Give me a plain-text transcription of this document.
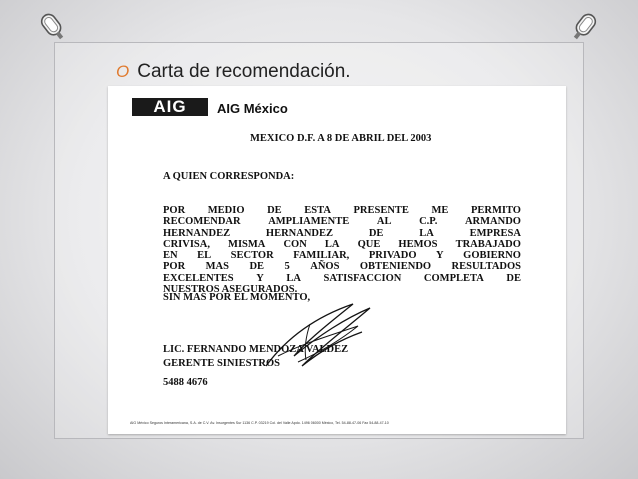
O Carta de recomendación.
AIG	AIG México
MEXICO D.F. A 8 DE ABRIL DEL 2003
A QUIEN CORRESPONDA:
POR MEDIO DE ESTA PRESENTE ME PERMITO
RECOMENDAR	AMPLIAMENTE	AL	C.P.	ARMANDO
HERNANDEZ	HERNANDEZ	DE	LA	EMPRESA
CRIVISA, MISMA CON LA QUE HEMOS TRABAJADO
EN EL SECTOR FAMILIAR, PRIVADO Y GOBIERNO
POR MAS DE 5 AÑOS OBTENIENDO RESULTADOS
EXCELENTES Y LA SATISFACCION COMPLETA DE
NUESTROS ASEGURADOS.
SIN MAS POR EL MOMENTO,
LIC. FERNANDO MENDOZA VALDEZ
GERENTE SINIESTROS
5488 4676
AIG México Seguros Interamericana, S.A. de C.V. Av. Insurgentes Sur 1136 C.P. 03219 Col. del Valle Apdo. 1496 06000 México, Tel. 54-88-47-06 Fax 54-88-47-10
